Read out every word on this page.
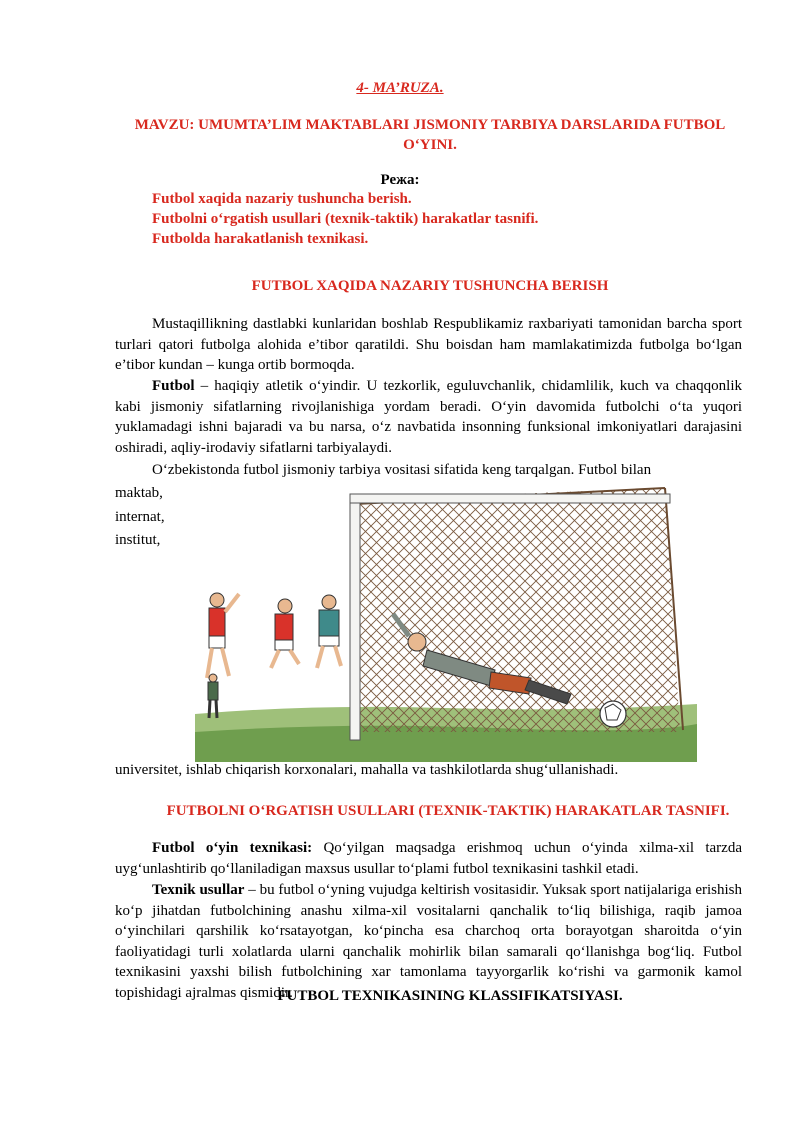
4- MA’RUZA.
MAVZU: UMUMTA’LIM MAKTABLARI JISMONIY TARBIYA DARSLARIDA FUTBOL O‘YINI.
Режа:
Futbol xaqida nazariy tushuncha berish.
Futbolni o‘rgatish usullari (texnik-taktik) harakatlar tasnifi.
Futbolda harakatlanish texnikasi.
FUTBOL XAQIDA NAZARIY TUSHUNCHA BERISH

Mustaqillikning dastlabki kunlaridan boshlab Respublikamiz raxbariyati tamonidan barcha sport turlari qatori futbolga alohida e’tibor qaratildi. Shu boisdan ham mamlakatimizda futbolga bo‘lgan e’tibor kundan – kunga ortib bormoqda.

Futbol – haqiqiy atletik o‘yindir. U tezkorlik, eguluvchanlik, chidamlilik, kuch va chaqqonlik kabi jismoniy sifatlarning rivojlanishiga yordam beradi. O‘yin davomida futbolchi o‘ta yuqori yuklamadagi ishni bajaradi va bu narsa, o‘z navbatida insonning funksional imkoniyatlari darajasini oshiradi, aqliy-irodaviy sifatlarni tarbiyalaydi.

O‘zbekistonda futbol jismoniy tarbiya vositasi sifatida keng tarqalgan. Futbol bilan

maktab,
internat,
institut,
universitet, ishlab chiqarish korxonalari, mahalla va tashkilotlarda shug‘ullanishadi.
FUTBOLNI O‘RGATISH USULLARI (TEXNIK-TAKTIK) HARAKATLAR TASNIFI.

Futbol o‘yin texnikasi: Qo‘yilgan maqsadga erishmoq uchun o‘yinda xilma-xil tarzda uyg‘unlashtirib qo‘llaniladigan maxsus usullar to‘plami futbol texnikasini tashkil etadi.

Texnik usullar – bu futbol o‘yning vujudga keltirish vositasidir. Yuksak sport natijalariga erishish ko‘p jihatdan futbolchining anashu xilma-xil vositalarni qanchalik to‘liq bilishiga, raqib jamoa o‘yinchilari qarshilik ko‘rsatayotgan, ko‘pincha esa charchoq orta borayotgan sharoitda o‘yin faoliyatidagi turli xolatlarda ularni qanchalik mohirlik bilan samarali qo‘llanishga bog‘liq. Futbol texnikasini yaxshi bilish futbolchining xar tamonlama tayyorgarlik ko‘rishi va garmonik kamol topishidagi ajralmas qismidir.

FUTBOL TEXNIKASINING KLASSIFIKATSIYASI.
